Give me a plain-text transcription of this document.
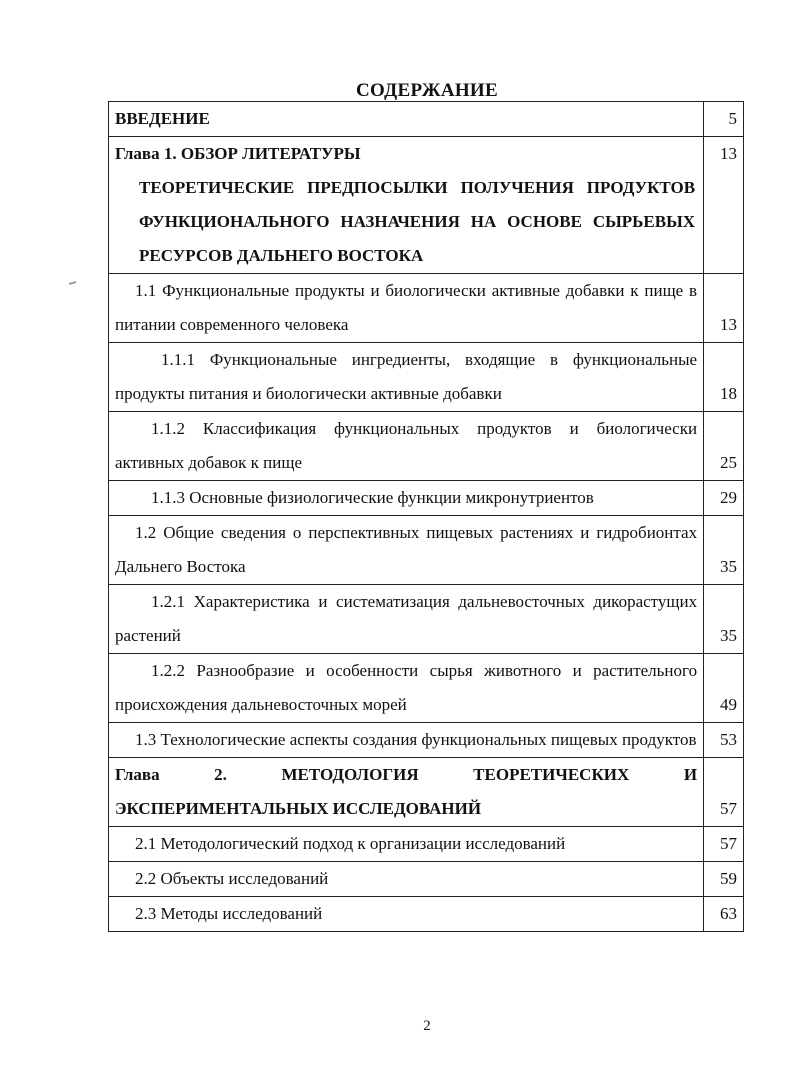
СОДЕРЖАНИЕ
ВВЕДЕНИЕ	5

Глава 1. ОБЗОР ЛИТЕРАТУРЫ
ТЕОРЕТИЧЕСКИЕ ПРЕДПОСЫЛКИ ПОЛУЧЕНИЯ ПРОДУКТОВ ФУНКЦИОНАЛЬНОГО НАЗНАЧЕНИЯ НА ОСНОВЕ СЫРЬЕВЫХ РЕСУРСОВ ДАЛЬНЕГО ВОСТОКА	13

1.1 Функциональные продукты и биологически активные добавки к пище в питании современного человека	13

1.1.1 Функциональные ингредиенты, входящие в функциональные продукты питания и биологически активные добавки	18

1.1.2 Классификация функциональных продуктов и биологически активных добавок к пище	25

1.1.3 Основные физиологические функции микронутриентов	29

1.2 Общие сведения о перспективных пищевых растениях и гидробионтах Дальнего Востока	35

1.2.1 Характеристика и систематизация дальневосточных дикорастущих растений	35

1.2.2 Разнообразие и особенности сырья животного и растительного происхождения дальневосточных морей	49

1.3 Технологические аспекты создания функциональных пищевых продуктов	53

Глава 2. МЕТОДОЛОГИЯ ТЕОРЕТИЧЕСКИХ И ЭКСПЕРИМЕНТАЛЬНЫХ ИССЛЕДОВАНИЙ	57

2.1 Методологический подход к организации исследований	57

2.2 Объекты исследований	59

2.3 Методы исследований	63
2
